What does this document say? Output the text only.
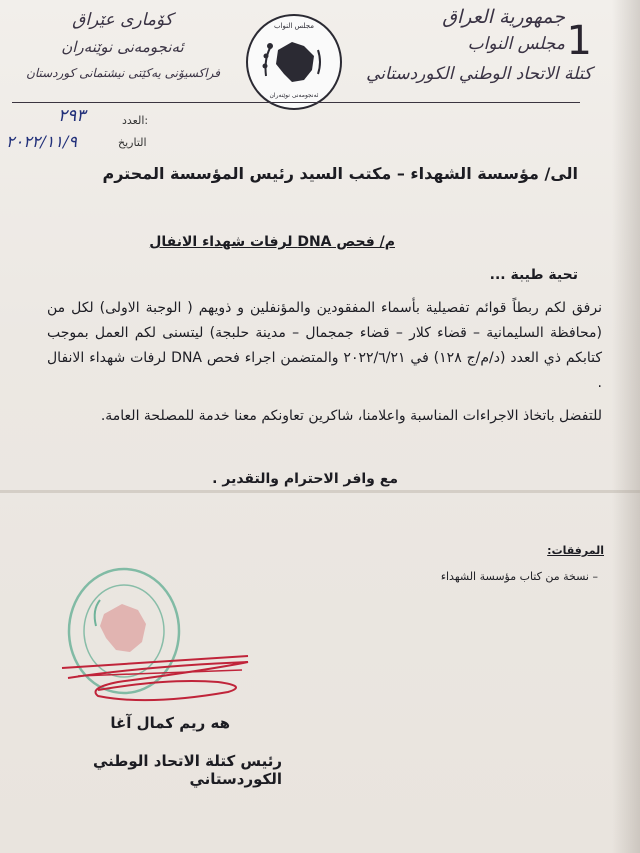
جمهورية العراق
مجلس النواب
كتلة الاتحاد الوطني الكوردستاني
1
كۆماری عێراق
ئه‌نجومه‌نی نوێنه‌ران
فراكسیۆنی یه‌كێتی نیشتمانی كوردستان
مجلس النواب
ئه‌نجومه‌نی نوێنه‌ران
العدد:
٢٩٣
التاريخ
٢٠٢٢/١١/٩
الى/ مؤسسة الشهداء – مكتب السيد رئيس المؤسسة المحترم
م/ فحص DNA لرفات شهداء الانفال
تحية طيبة ...
نرفق لكم ربطاً قوائم تفصيلية بأسماء المفقودين والمؤنفلين و ذويهم ( الوجبة الاولى) لكل من (محافظة السليمانية – قضاء كلار – قضاء جمجمال – مدينة حلبجة) ليتسنى لكم العمل بموجب كتابكم ذي العدد (د/م/ج ١٢٨) في ٢٠٢٢/٦/٢١ والمتضمن اجراء فحص DNA لرفات شهداء الانفال .
للتفضل باتخاذ الاجراءات المناسبة واعلامنا، شاكرين تعاونكم معنا خدمة للمصلحة العامة.
مع وافر الاحترام والتقدير .
المرفقات:
– نسخة من كتاب مؤسسة الشهداء
هه ريم كمال آغا
رئيس كتلة الاتحاد الوطني الكوردستاني
